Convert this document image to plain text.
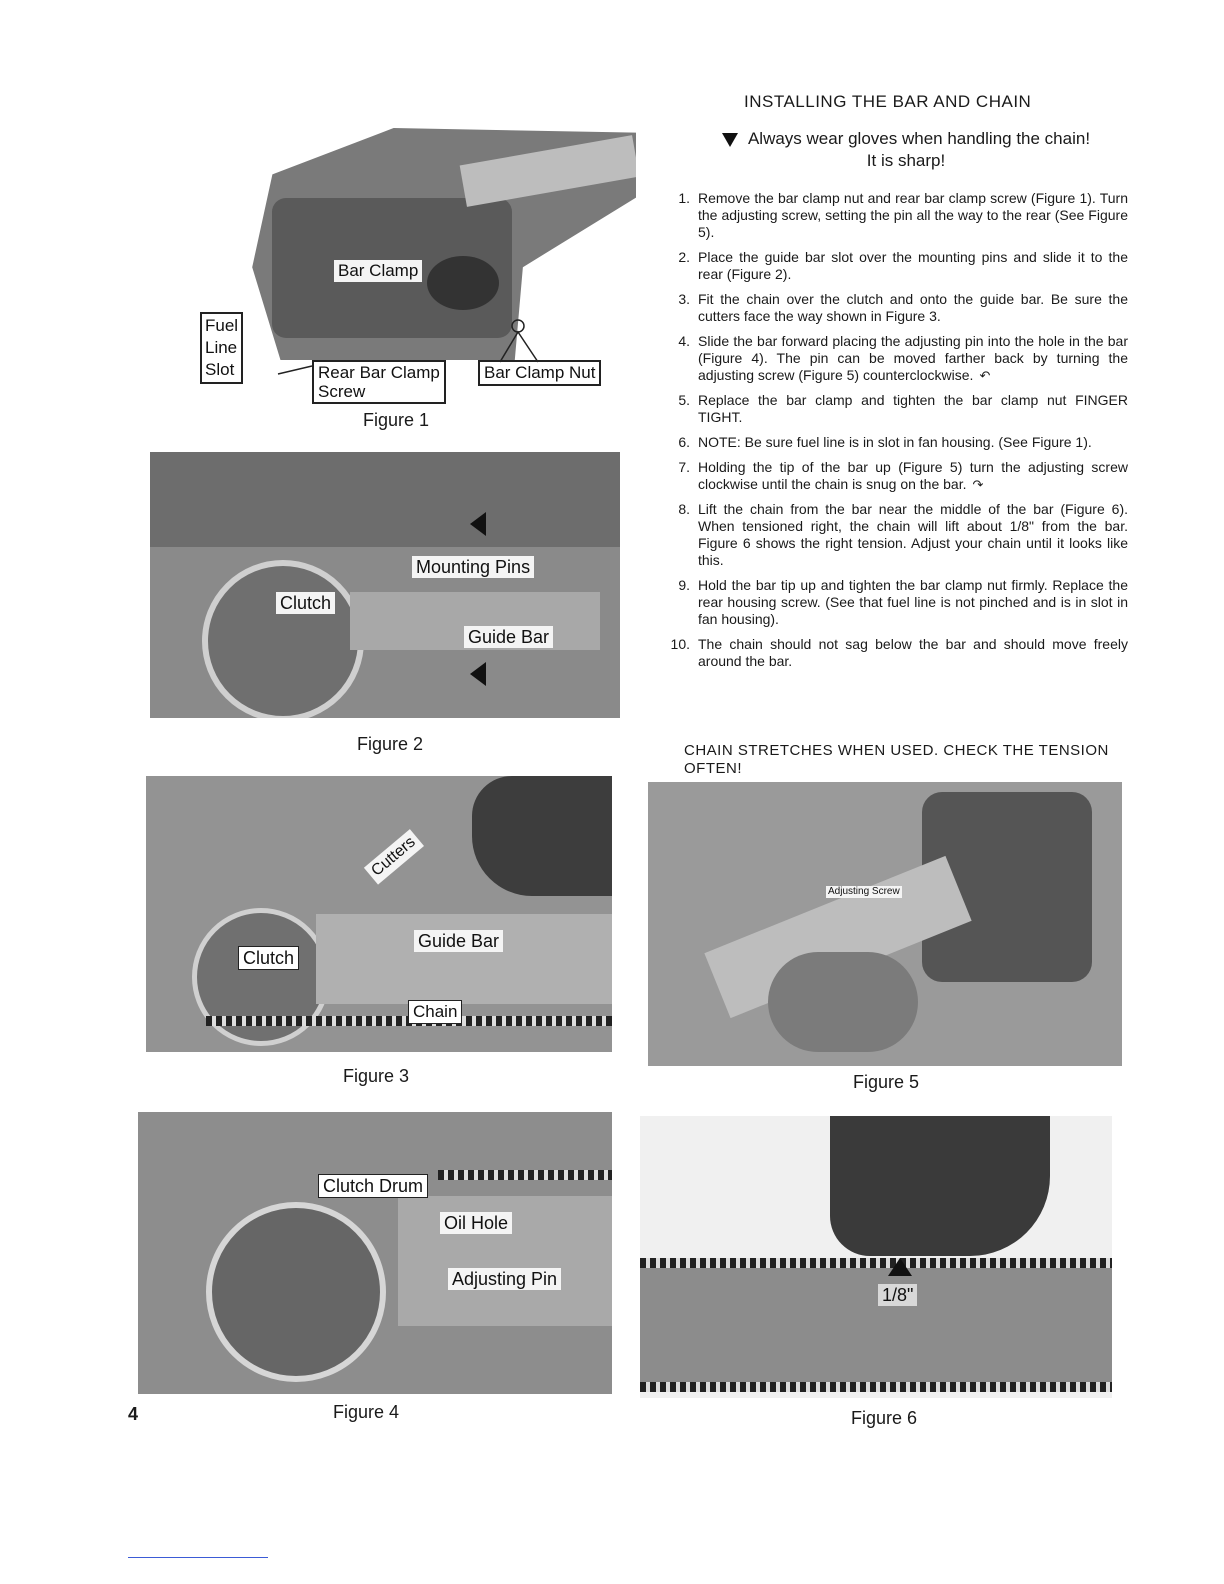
INSTALLING THE BAR AND CHAIN
Always wear gloves when handling the chain!
It is sharp!
1. Remove the bar clamp nut and rear bar clamp screw (Figure 1). Turn the adjusting screw, setting the pin all the way to the rear (See Figure 5).
2. Place the guide bar slot over the mounting pins and slide it to the rear (Figure 2).
3. Fit the chain over the clutch and onto the guide bar. Be sure the cutters face the way shown in Figure 3.
4. Slide the bar forward placing the adjusting pin into the hole in the bar (Figure 4). The pin can be moved farther back by turning the adjusting screw (Figure 5) counterclockwise. ↶
5. Replace the bar clamp and tighten the bar clamp nut FINGER TIGHT.
6. NOTE: Be sure fuel line is in slot in fan housing. (See Figure 1).
7. Holding the tip of the bar up (Figure 5) turn the adjusting screw clockwise until the chain is snug on the bar. ↷
8. Lift the chain from the bar near the middle of the bar (Figure 6). When tensioned right, the chain will lift about 1/8" from the bar. Figure 6 shows the right tension. Adjust your chain until it looks like this.
9. Hold the bar tip up and tighten the bar clamp nut firmly. Replace the rear housing screw. (See that fuel line is not pinched and is in slot in fan housing).
10. The chain should not sag below the bar and should move freely around the bar.
CHAIN STRETCHES WHEN USED. CHECK THE TENSION OFTEN!
Bar Clamp
Fuel
Line
Slot	Rear Bar Clamp
Screw
Bar Clamp Nut
Figure 1
Mounting Pins
Clutch
Guide Bar
Figure 2
Cutters
Guide Bar
Clutch
Chain
Figure 3
Clutch Drum
Oil Hole
Adjusting Pin
Figure 4
Adjusting Screw
Figure 5
1/8"
Figure 6
4
